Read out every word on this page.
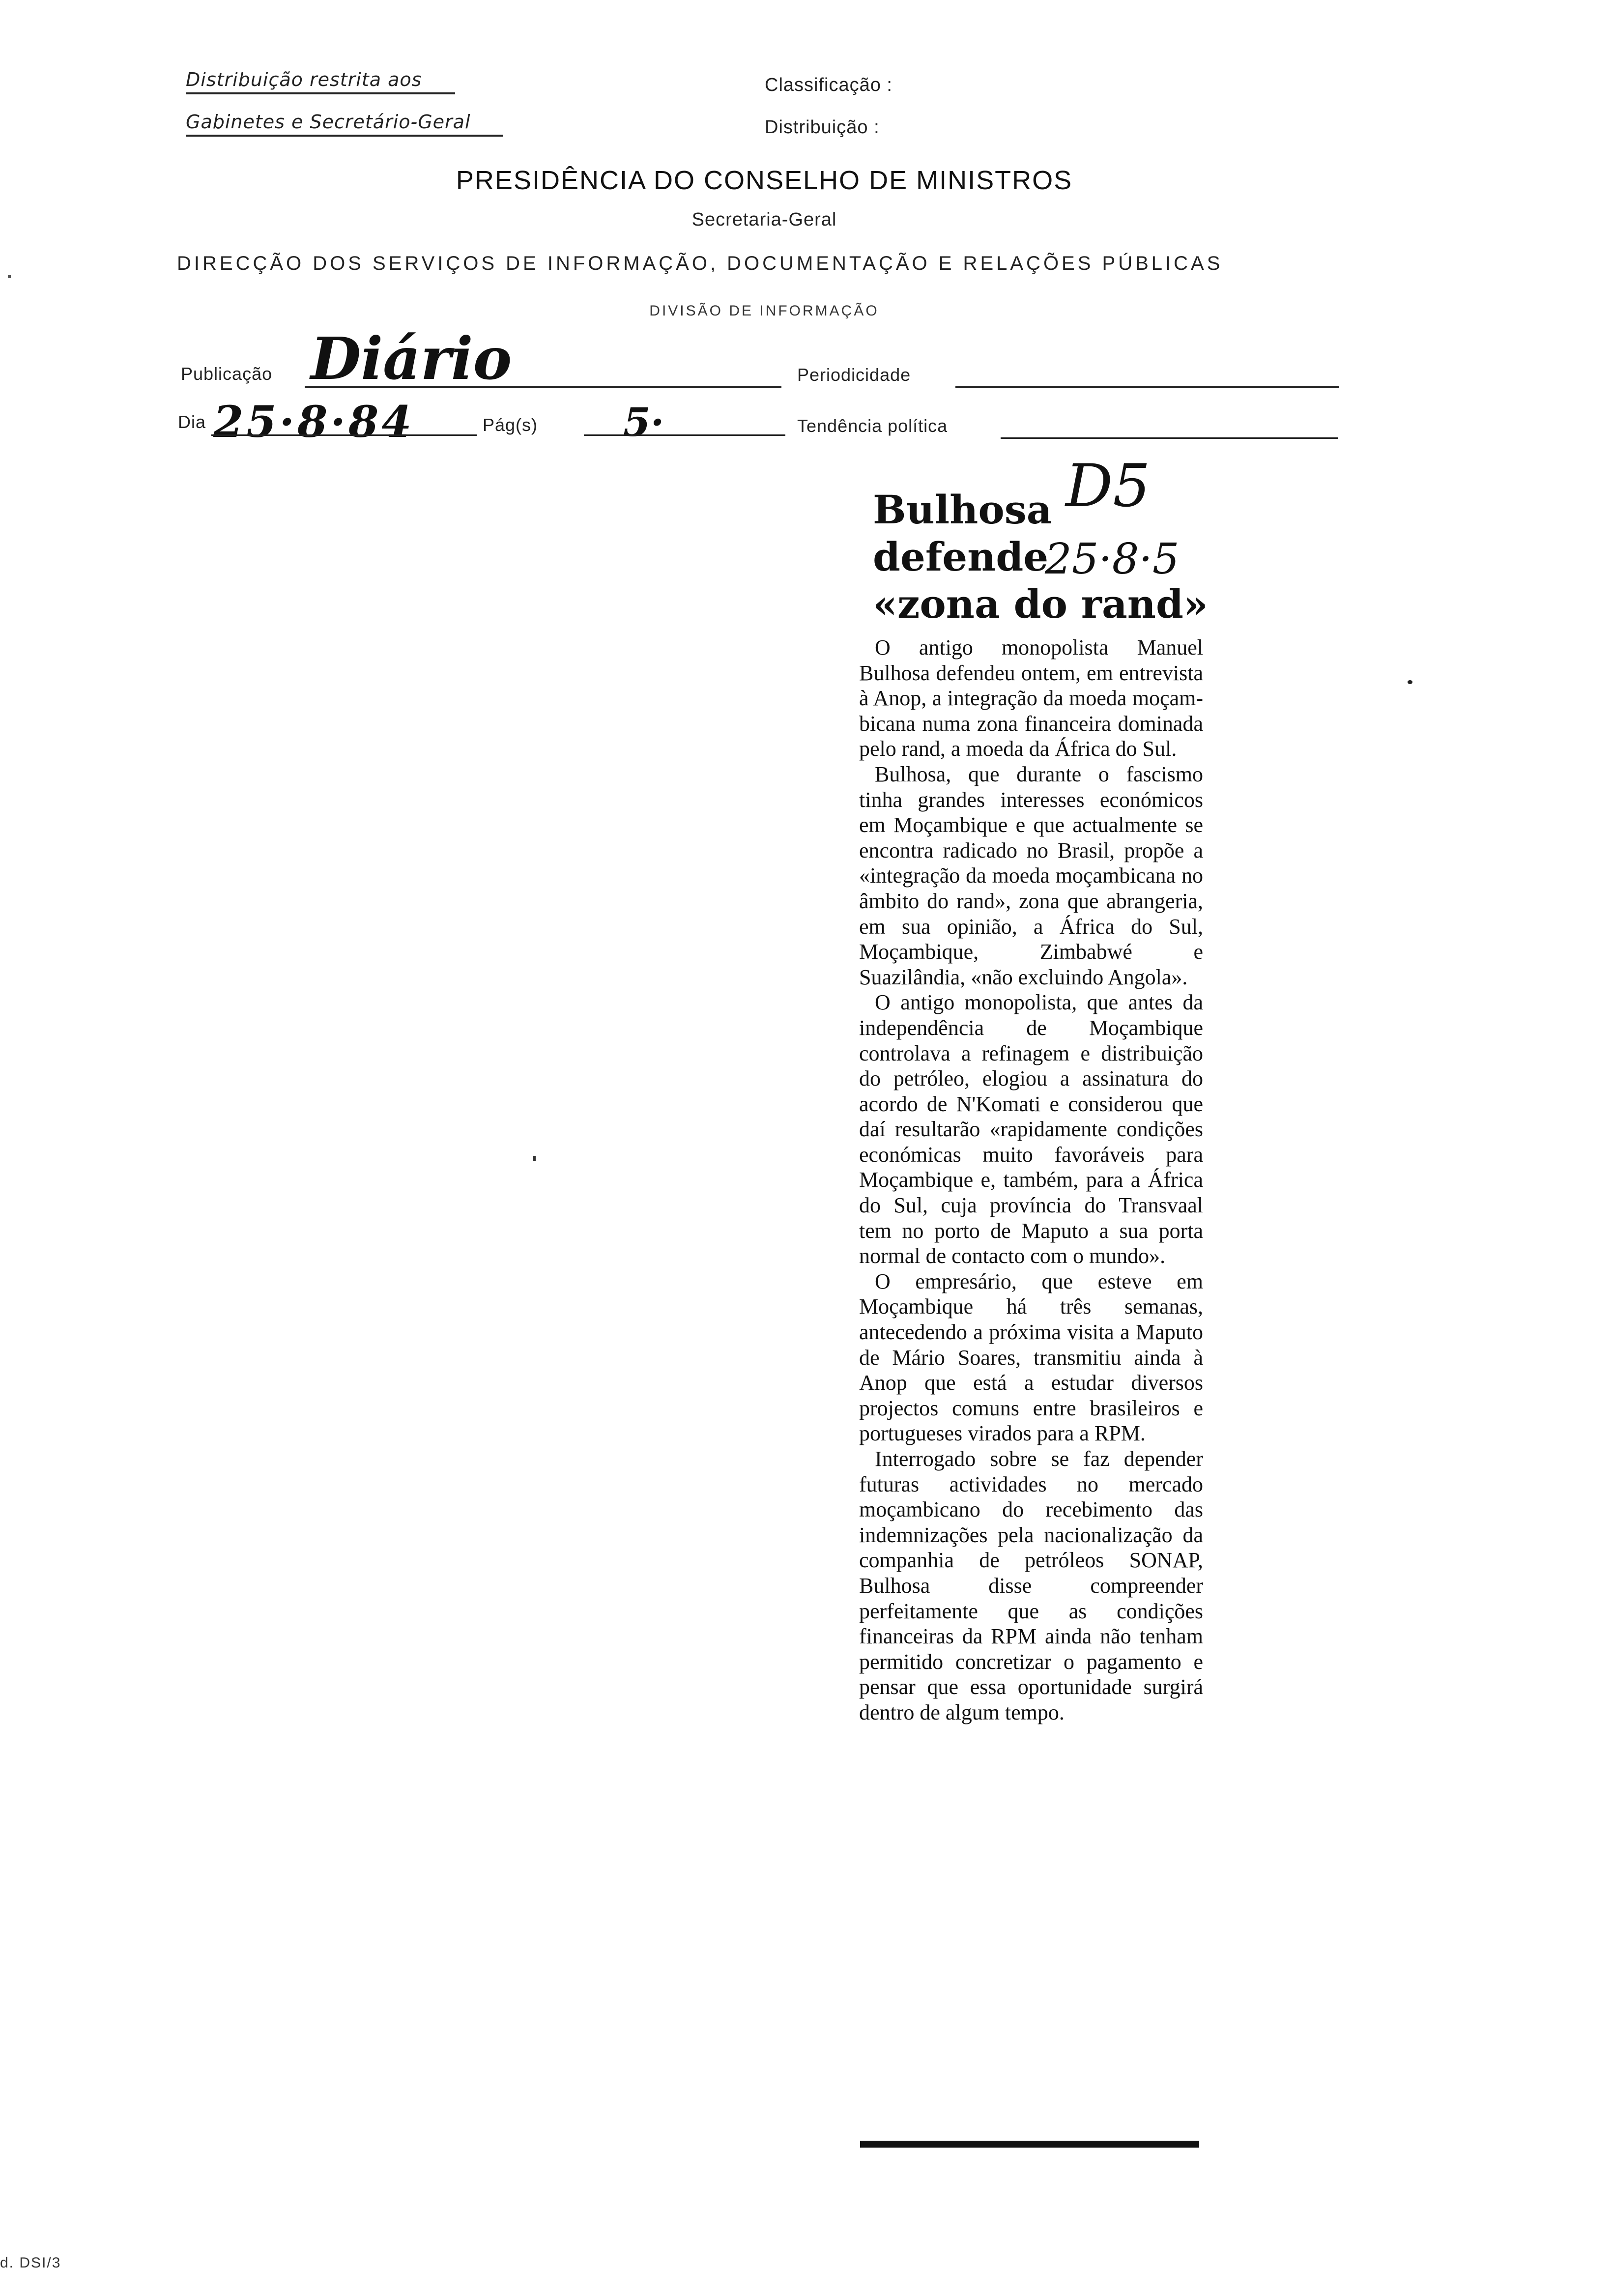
Distribuição restrita aos
Gabinetes e Secretário-Geral
Classificação :
Distribuição :
PRESIDÊNCIA DO CONSELHO DE MINISTROS
Secretaria-Geral
DIRECÇÃO DOS SERVIÇOS DE INFORMAÇÃO, DOCUMENTAÇÃO E RELAÇÕES PÚBLICAS
DIVISÃO DE INFORMAÇÃO
Publicação Diário	Periodicidade
Dia 25·8·84	Pág(s) 5·	Tendência política
Bulhosa
defende
«zona do rand»
D5
25·8·5

O antigo monopolista Manuel Bulhosa defendeu ontem, em entrevista à Anop, a integração da moeda moçambicana numa zona financeira dominada pelo rand, a moeda da África do Sul.

Bulhosa, que durante o fascismo tinha grandes interesses económicos em Moçambique e que actualmente se encontra radicado no Brasil, propõe a «integração da moeda moçambicana no âmbito do rand», zona que abrangeria, em sua opinião, a África do Sul, Moçambique, Zimbabwé e Suazilândia, «não excluindo Angola».

O antigo monopolista, que antes da independência de Moçambique controlava a refinagem e distribuição do petróleo, elogiou a assinatura do acordo de N'Komati e considerou que daí resultarão «rapidamente condições económicas muito favoráveis para Moçambique e, também, para a África do Sul, cuja província do Transvaal tem no porto de Maputo a sua porta normal de contacto com o mundo».

O empresário, que esteve em Moçambique há três semanas, antecedendo a próxima visita a Maputo de Mário Soares, transmitiu ainda à Anop que está a estudar diversos projectos comuns entre brasileiros e portugueses virados para a RPM.

Interrogado sobre se faz depender futuras actividades no mercado moçambicano do recebimento das indemnizações pela nacionalização da companhia de petróleos SONAP, Bulhosa disse compreender perfeitamente que as condições financeiras da RPM ainda não tenham permitido concretizar o pagamento e pensar que essa oportunidade surgirá dentro de algum tempo.

d. DSI/3
